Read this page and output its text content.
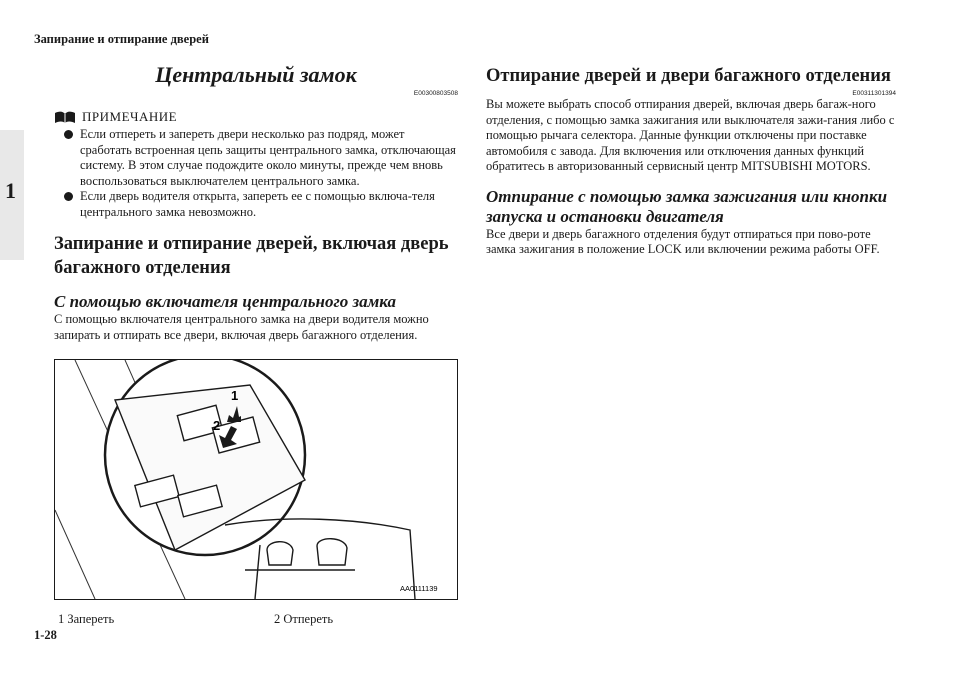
Запирание и отпирание дверей
1
Центральный замок
E00300803508
ПРИМЕЧАНИЕ
Если отпереть и запереть двери несколько раз подряд, может сработать встроенная цепь защиты центрального замка, отключающая систему. В этом случае подождите около минуты, прежде чем вновь воспользоваться выключателем центрального замка.
Если дверь водителя открыта, запереть ее с помощью включа-теля центрального замка невозможно.
Запирание и отпирание дверей, включая дверь багажного отделения
С помощью включателя центрального замка

С помощью включателя центрального замка на двери водителя можно запирать и отпирать все двери, включая дверь багажного отделения.

1
2
AA0111139
1 Запереть	2 Отпереть
Отпирание дверей и двери багажного отделения
E00311301394

Вы можете выбрать способ отпирания дверей, включая дверь багаж-ного отделения, с помощью замка зажигания или выключателя зажи-гания либо с помощью рычага селектора. Данные функции отключены при поставке автомобиля с завода. Для включения или отключения данных функций обратитесь в авторизованный сервисный центр MITSUBISHI MOTORS.

Отпирание с помощью замка зажигания или кнопки запуска и остановки двигателя

Все двери и дверь багажного отделения будут отпираться при пово-роте замка зажигания в положение LOCK или включении режима работы OFF.

1-28
